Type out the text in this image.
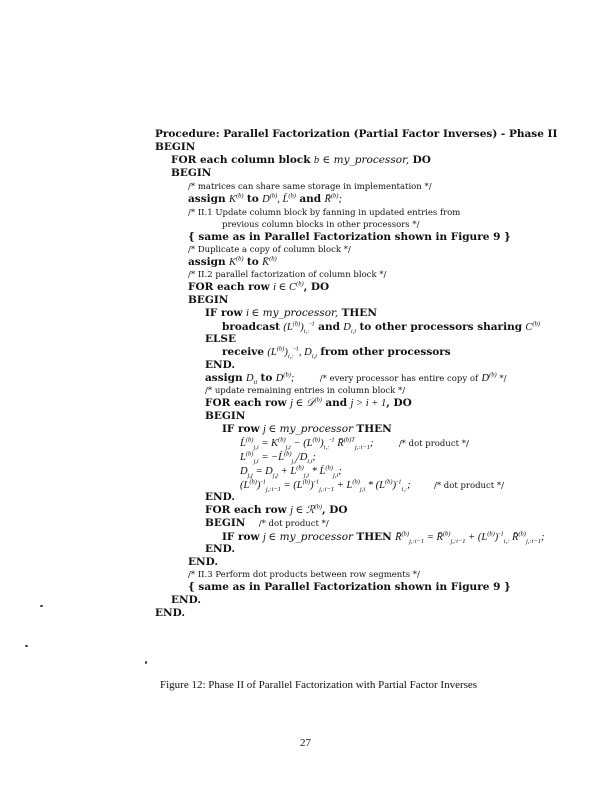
Procedure: Parallel Factorization (Partial Factor Inverses) - Phase II
BEGIN
FOR each column block b ∈ my_processor, DO
BEGIN
/* matrices can share same storage in implementation */
assign $K^{(b)}$ to $D^{(b)}$, $Ĺ^{(b)}$ and R̄$^{(b)}$;
/* II.1 Update column block by fanning in updated entries from
previous column blocks in other processors */
{ same as in Parallel Factorization shown in Figure 9 }
/* Duplicate a copy of column block */
assign $K^{(b)}$ to K̄$^{(b)}$
/* II.2 parallel factorization of column block */
FOR each row i ∈ $C^{(b)}$, DO
BEGIN
IF row i ∈ my_processor, THEN
broadcast $(L^{(b)})_{i,:}^{-1}$ and $D_{i,i}$ to other processors sharing $C^{(b)}$
ELSE
receive $(L^{(b)})_{i,:}^{-1}$, $D_{i,i}$ from other processors
END.
assign $D_{ii}$ to $D^{(b)}$;	/* every processor has entire copy of $D^{(b)}$ */
/* update remaining entries in column block */
FOR each row j ∈ 𝒟$^{(b)}$ and j > i + 1, DO
BEGIN
IF row j ∈ my_processor THEN
$Ĺ^{(b)}_{j,i} = K^{(b)}_{j,i} - (L^{(b)})_{i,:}^{-1}$ R̄$^{(b)T}_{j,:i-1}$;	/* dot product */
$L^{(b)}_{j,i}$ = $-Ĺ^{(b)}_{j,i}/D_{i,i}$;
$D_{j,j} = D_{j,j} + L^{(b)}_{j,i}$ * $Ĺ^{(b)}_{j,i}$;
$(L^{(b)})^{-1}_{j,:i-1} = (L^{(b)})^{-1}_{j,:i-1} + L^{(b)}_{j,i} * (L^{(b)})^{-1}_{i,:}$;	/* dot product */
END.
FOR each row j ∈ ℛ$^{(b)}$, DO
BEGIN /* dot product */
IF row j ∈ my_processor THEN R̄$^{(b)}_{j,:i-1}$ = R̄$^{(b)}_{j,:i-1}$ + $(L^{(b)})^{-1}_{i,:}$ R̄$^{(b)}_{j,:i-1}$;
END.
END.
/* II.3 Perform dot products between row segments */
{ same as in Parallel Factorization shown in Figure 9 }
END.
END.
Figure 12: Phase II of Parallel Factorization with Partial Factor Inverses
27
